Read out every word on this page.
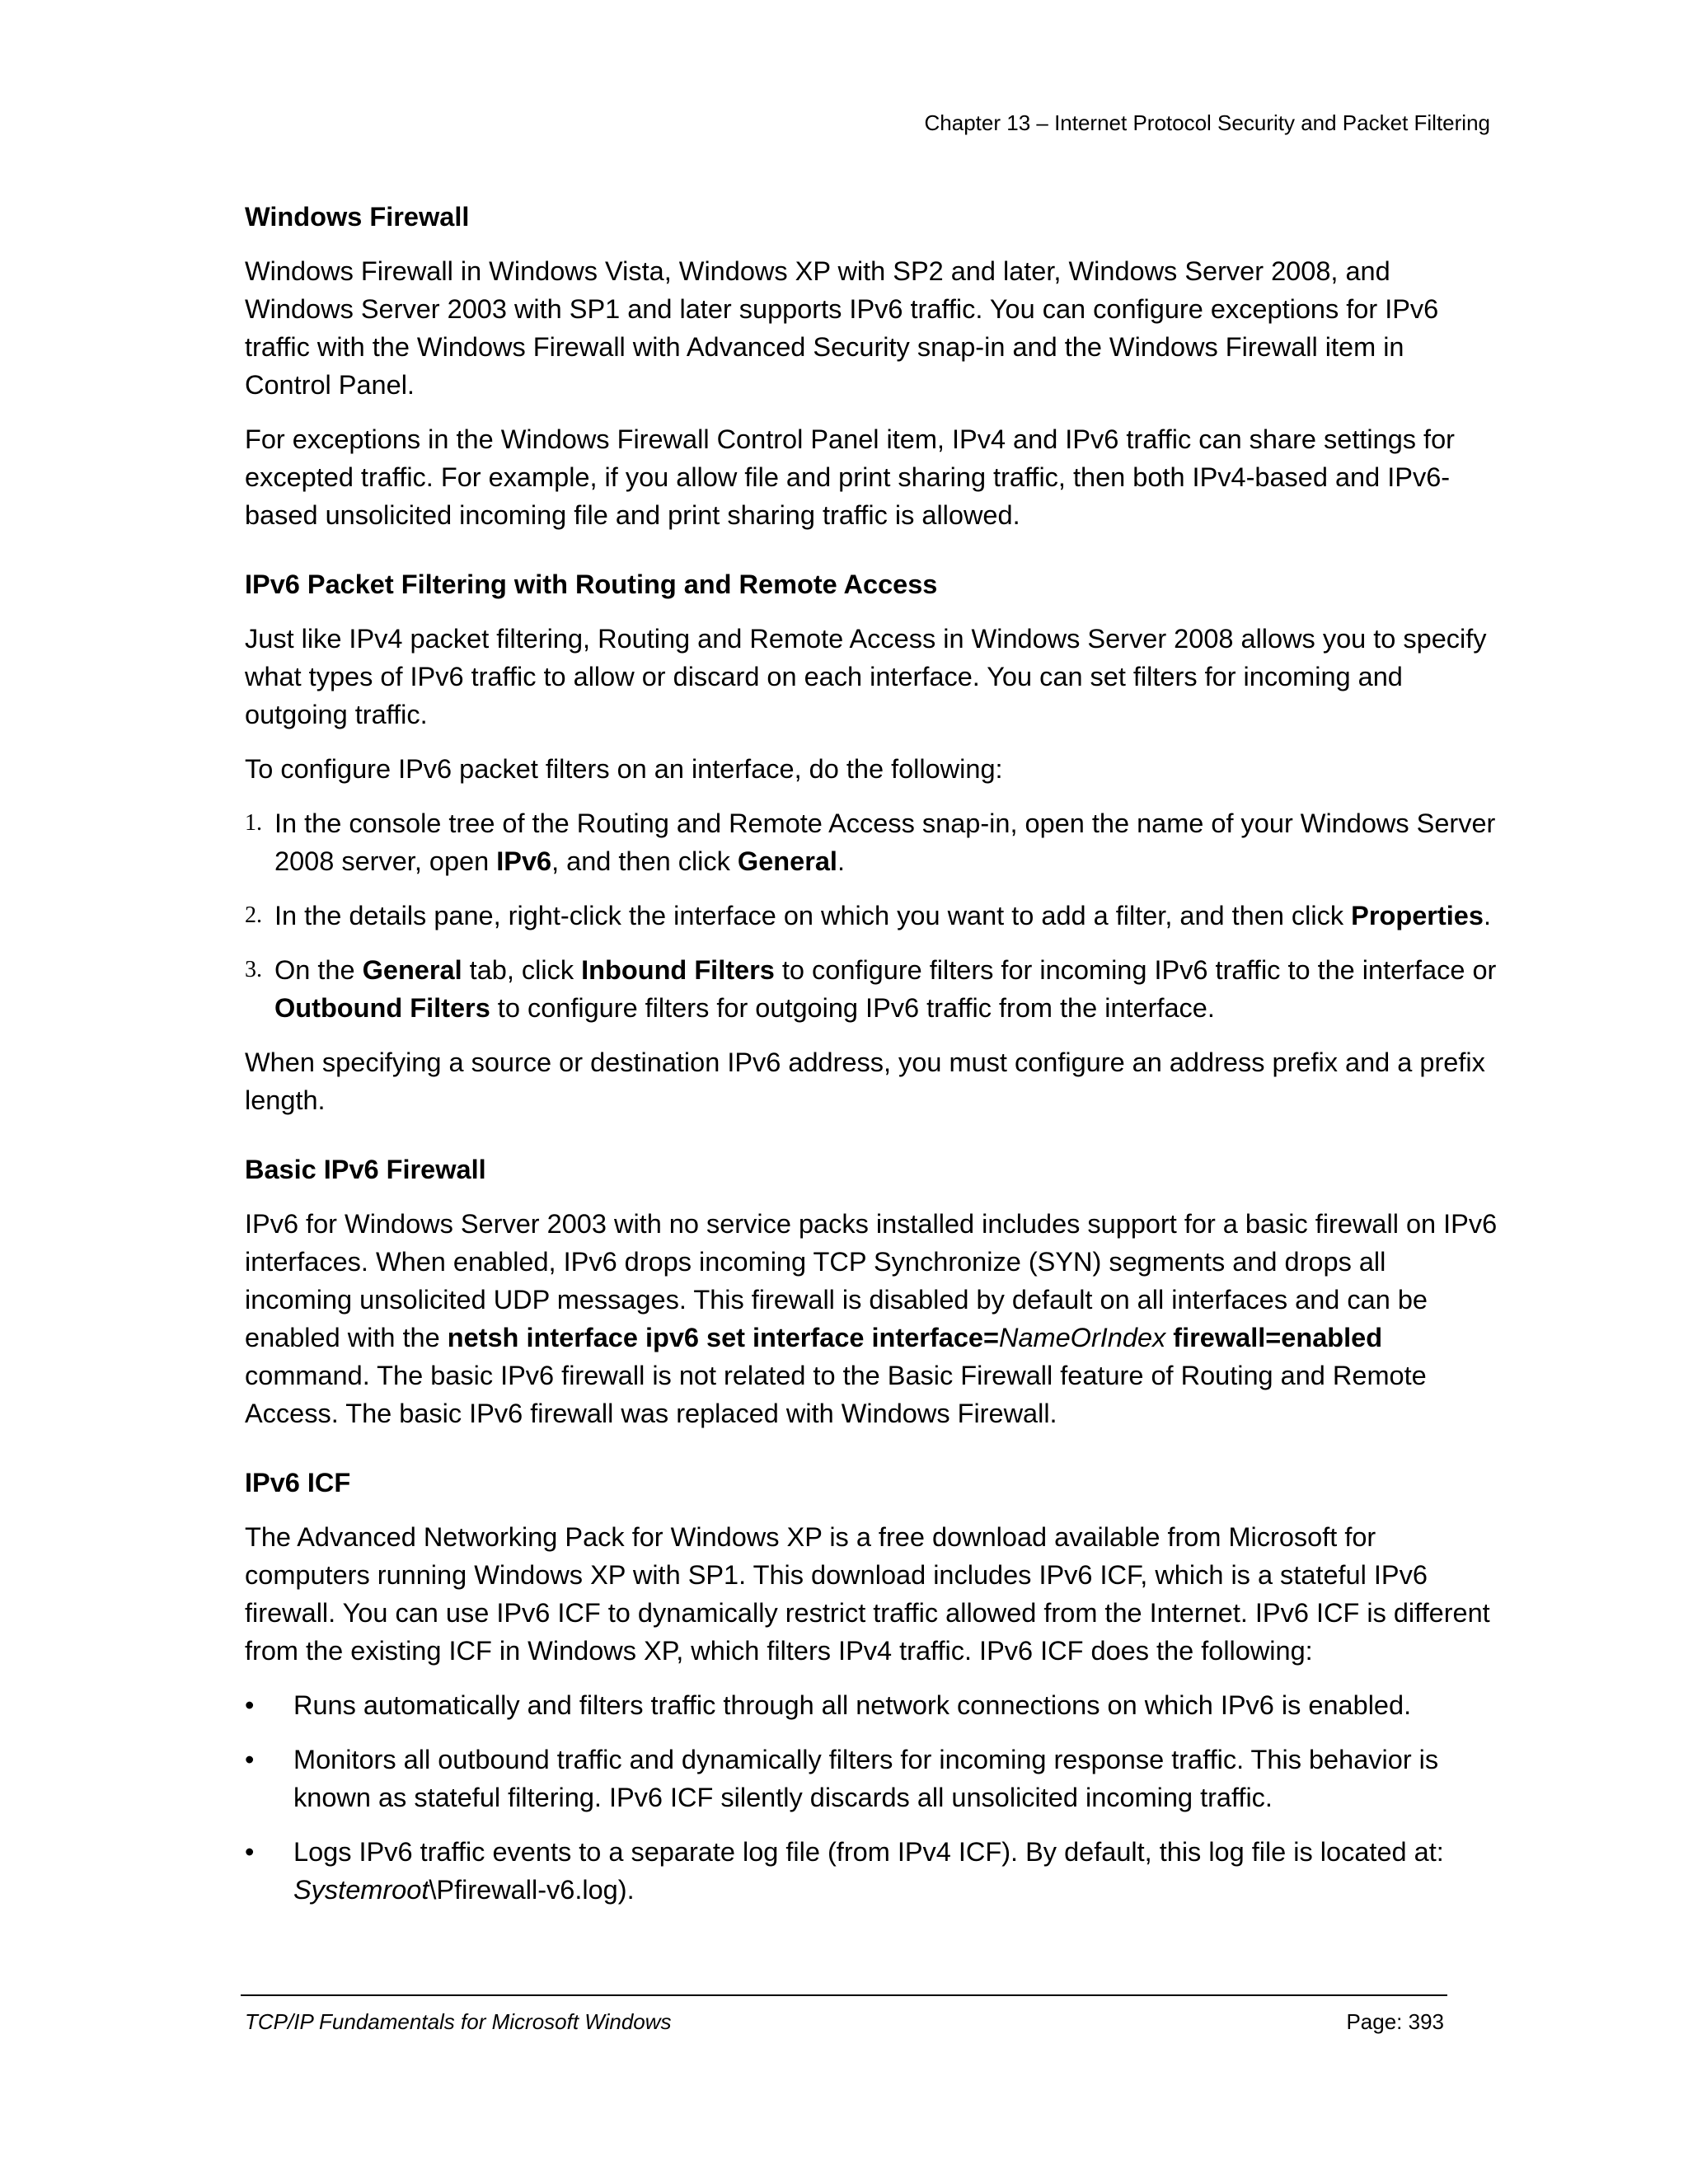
Chapter 13 – Internet Protocol Security and Packet Filtering
Windows Firewall

Windows Firewall in Windows Vista, Windows XP with SP2 and later, Windows Server 2008, and Windows Server 2003 with SP1 and later supports IPv6 traffic. You can configure exceptions for IPv6 traffic with the Windows Firewall with Advanced Security snap-in and the Windows Firewall item in Control Panel.

For exceptions in the Windows Firewall Control Panel item, IPv4 and IPv6 traffic can share settings for excepted traffic. For example, if you allow file and print sharing traffic, then both IPv4-based and IPv6-based unsolicited incoming file and print sharing traffic is allowed.

IPv6 Packet Filtering with Routing and Remote Access

Just like IPv4 packet filtering, Routing and Remote Access in Windows Server 2008 allows you to specify what types of IPv6 traffic to allow or discard on each interface. You can set filters for incoming and outgoing traffic.

To configure IPv6 packet filters on an interface, do the following:

1. In the console tree of the Routing and Remote Access snap-in, open the name of your Windows Server 2008 server, open IPv6, and then click General.
2. In the details pane, right-click the interface on which you want to add a filter, and then click Properties.
3. On the General tab, click Inbound Filters to configure filters for incoming IPv6 traffic to the interface or Outbound Filters to configure filters for outgoing IPv6 traffic from the interface.

When specifying a source or destination IPv6 address, you must configure an address prefix and a prefix length.

Basic IPv6 Firewall

IPv6 for Windows Server 2003 with no service packs installed includes support for a basic firewall on IPv6 interfaces. When enabled, IPv6 drops incoming TCP Synchronize (SYN) segments and drops all incoming unsolicited UDP messages. This firewall is disabled by default on all interfaces and can be enabled with the netsh interface ipv6 set interface interface=NameOrIndex firewall=enabled command. The basic IPv6 firewall is not related to the Basic Firewall feature of Routing and Remote Access. The basic IPv6 firewall was replaced with Windows Firewall.

IPv6 ICF

The Advanced Networking Pack for Windows XP is a free download available from Microsoft for computers running Windows XP with SP1. This download includes IPv6 ICF, which is a stateful IPv6 firewall. You can use IPv6 ICF to dynamically restrict traffic allowed from the Internet. IPv6 ICF is different from the existing ICF in Windows XP, which filters IPv4 traffic. IPv6 ICF does the following:

• Runs automatically and filters traffic through all network connections on which IPv6 is enabled.
• Monitors all outbound traffic and dynamically filters for incoming response traffic. This behavior is known as stateful filtering. IPv6 ICF silently discards all unsolicited incoming traffic.
• Logs IPv6 traffic events to a separate log file (from IPv4 ICF). By default, this log file is located at: Systemroot\Pfirewall-v6.log).
TCP/IP Fundamentals for Microsoft Windows	Page: 393
